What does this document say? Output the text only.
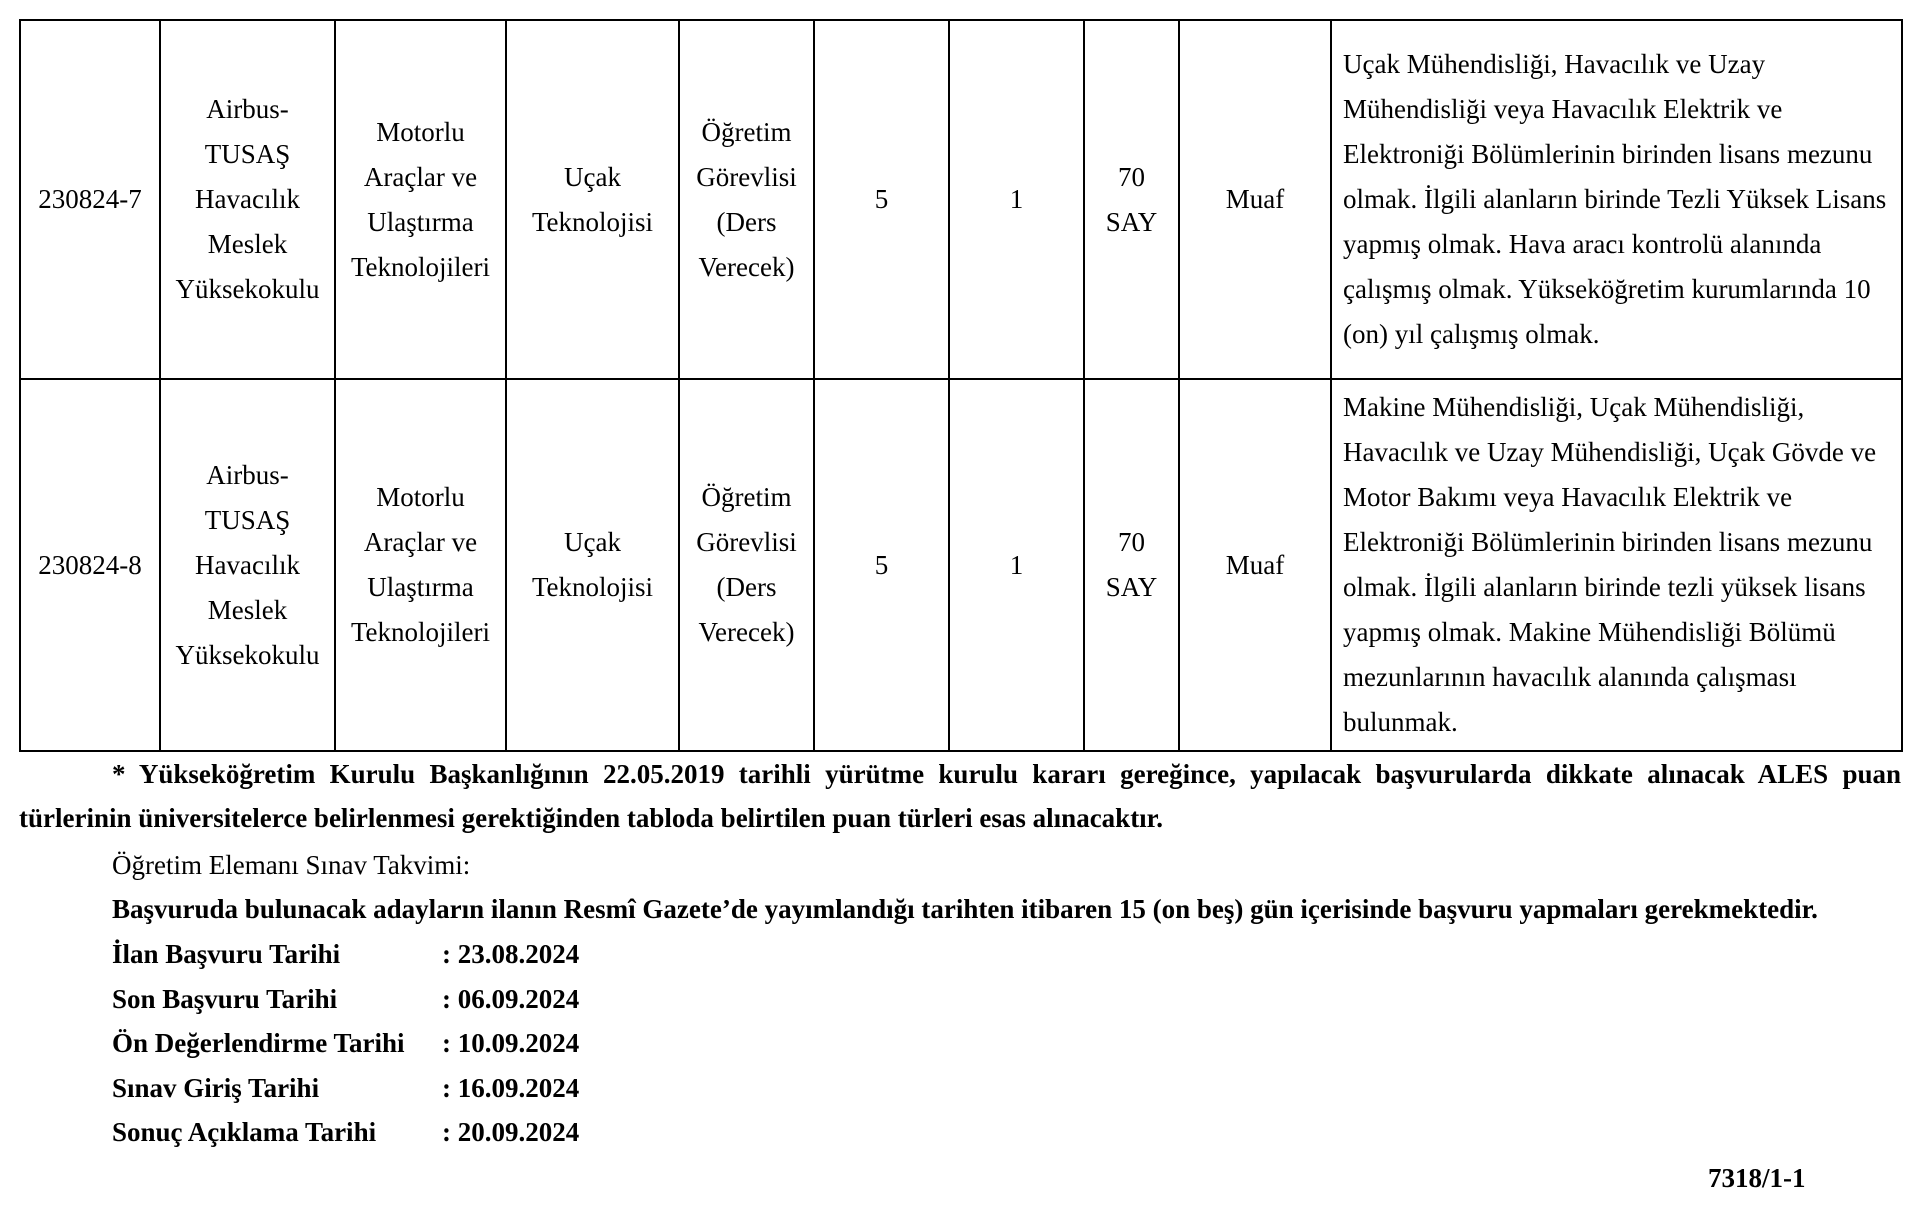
230824-7	Airbus-TUSAŞ Havacılık Meslek Yüksekokulu	Motorlu Araçlar ve Ulaştırma Teknolojileri	Uçak Teknolojisi	Öğretim Görevlisi (Ders Verecek)	5	1	70 SAY	Muaf	Uçak Mühendisliği, Havacılık ve Uzay Mühendisliği veya Havacılık Elektrik ve Elektroniği Bölümlerinin birinden lisans mezunu olmak. İlgili alanların birinde Tezli Yüksek Lisans yapmış olmak. Hava aracı kontrolü alanında çalışmış olmak. Yükseköğretim kurumlarında 10 (on) yıl çalışmış olmak.
230824-8	Airbus-TUSAŞ Havacılık Meslek Yüksekokulu	Motorlu Araçlar ve Ulaştırma Teknolojileri	Uçak Teknolojisi	Öğretim Görevlisi (Ders Verecek)	5	1	70 SAY	Muaf	Makine Mühendisliği, Uçak Mühendisliği, Havacılık ve Uzay Mühendisliği, Uçak Gövde ve Motor Bakımı veya Havacılık Elektrik ve Elektroniği Bölümlerinin birinden lisans mezunu olmak. İlgili alanların birinde tezli yüksek lisans yapmış olmak. Makine Mühendisliği Bölümü mezunlarının havacılık alanında çalışması bulunmak.

* Yükseköğretim Kurulu Başkanlığının 22.05.2019 tarihli yürütme kurulu kararı gereğince, yapılacak başvurularda dikkate alınacak ALES puan türlerinin üniversitelerce belirlenmesi gerektiğinden tabloda belirtilen puan türleri esas alınacaktır.

Öğretim Elemanı Sınav Takvimi:

Başvuruda bulunacak adayların ilanın Resmî Gazete’de yayımlandığı tarihten itibaren 15 (on beş) gün içerisinde başvuru yapmaları gerekmektedir.

İlan Başvuru Tarihi	: 23.08.2024
Son Başvuru Tarihi	: 06.09.2024
Ön Değerlendirme Tarihi : 10.09.2024
Sınav Giriş Tarihi	: 16.09.2024
Sonuç Açıklama Tarihi : 20.09.2024
7318/1-1
